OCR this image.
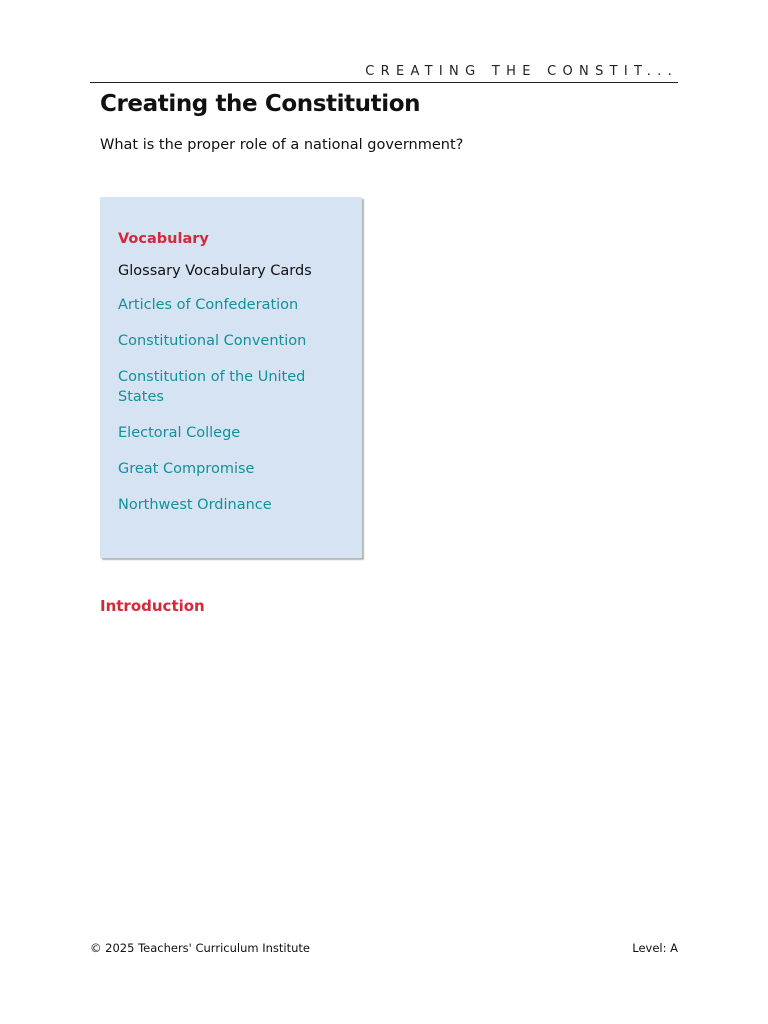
CREATING THE CONSTIT...
Creating the Constitution

What is the proper role of a national government?

Vocabulary

Glossary Vocabulary Cards

Articles of Confederation
Constitutional Convention
Constitution of the United States
Electoral College
Great Compromise
Northwest Ordinance
Introduction
© 2025 Teachers' Curriculum Institute	Level: A
